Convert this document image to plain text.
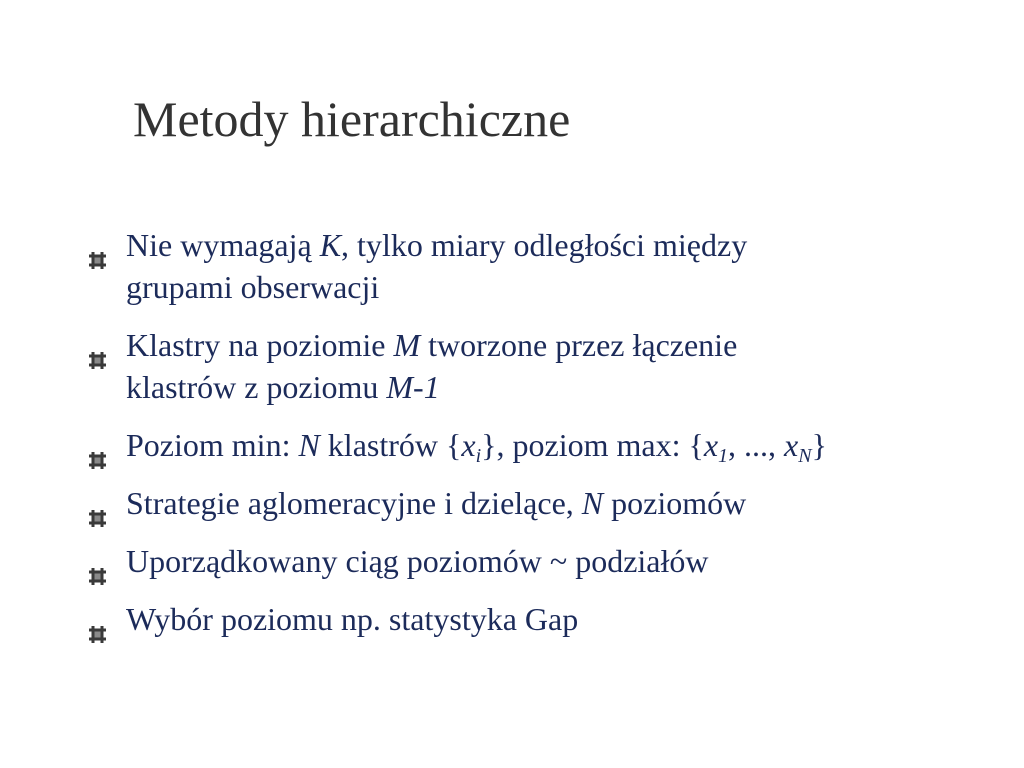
Metody hierarchiczne
Nie wymagają K, tylko miary odległości między
grupami obserwacji
Klastry na poziomie M tworzone przez łączenie
klastrów z poziomu M-1
Poziom min: N klastrów $\{x_i\}$, poziom max: {$x_1$, ..., $x_N$}
Strategie aglomeracyjne i dzielące, N poziomów
Uporządkowany ciąg poziomów ~ podziałów
Wybór poziomu np. statystyka Gap
